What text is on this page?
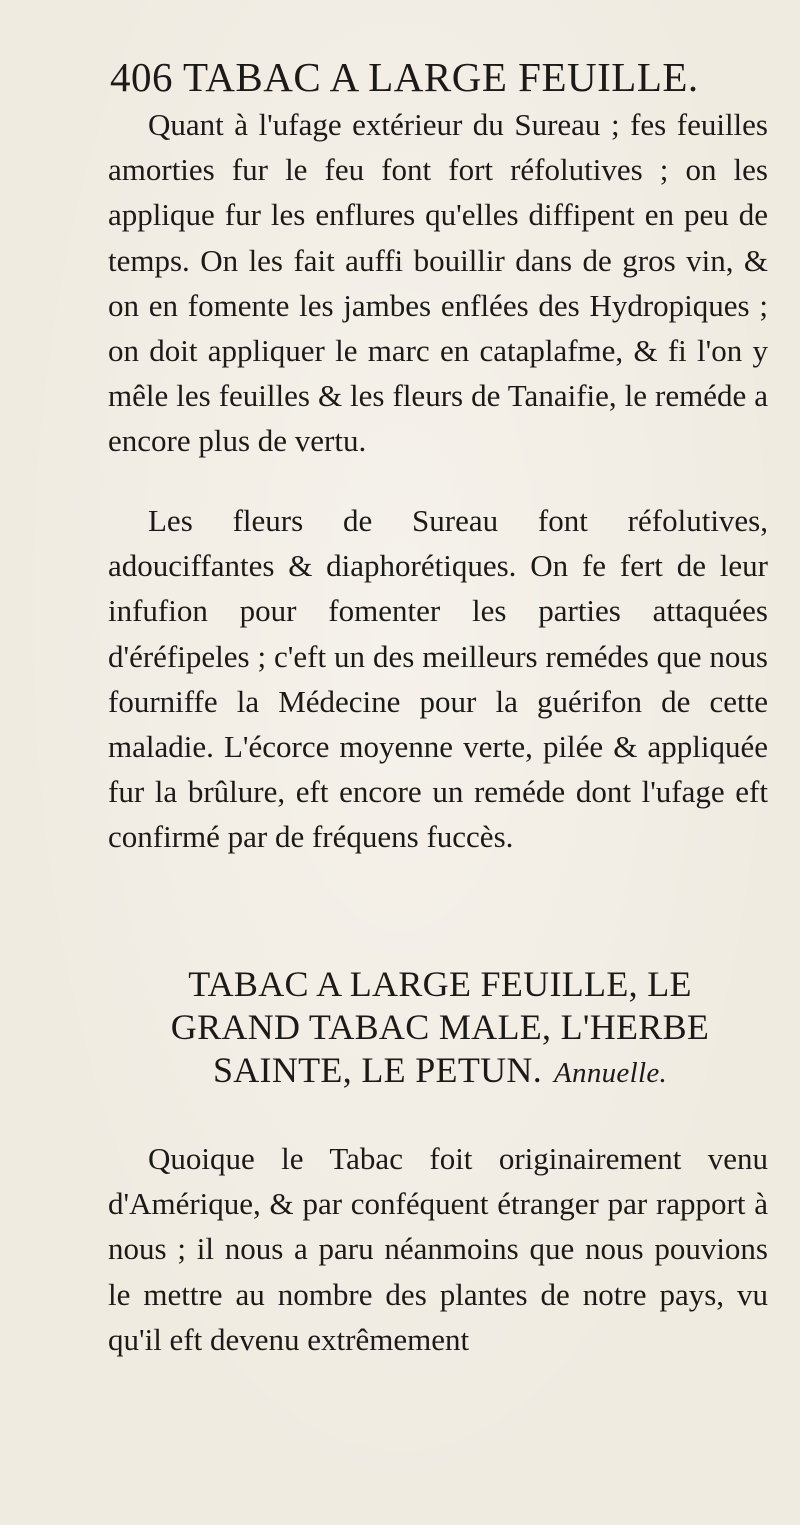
406 TABAC A LARGE FEUILLE.

Quant à l'ufage extérieur du Sureau ; fes feuilles amorties fur le feu font fort réfolutives ; on les applique fur les enflures qu'elles diffipent en peu de temps. On les fait auffi bouillir dans de gros vin, & on en fomente les jambes enflées des Hydropiques ; on doit appliquer le marc en cataplafme, & fi l'on y mêle les feuilles & les fleurs de Tanaifie, le reméde a encore plus de vertu.

Les fleurs de Sureau font réfolutives, adouciffantes & diaphorétiques. On fe fert de leur infufion pour fomenter les parties attaquées d'éréfipeles ; c'eft un des meilleurs remédes que nous fourniffe la Médecine pour la guérifon de cette maladie. L'écorce moyenne verte, pilée & appliquée fur la brûlure, eft encore un reméde dont l'ufage eft confirmé par de fréquens fuccès.

TABAC A LARGE FEUILLE, LE
GRAND TABAC MALE, L'HERBE
SAINTE, LE PETUN. Annuelle.

Quoique le Tabac foit originairement venu d'Amérique, & par conféquent étranger par rapport à nous ; il nous a paru néanmoins que nous pouvions le mettre au nombre des plantes de notre pays, vu qu'il eft devenu extrêmement
